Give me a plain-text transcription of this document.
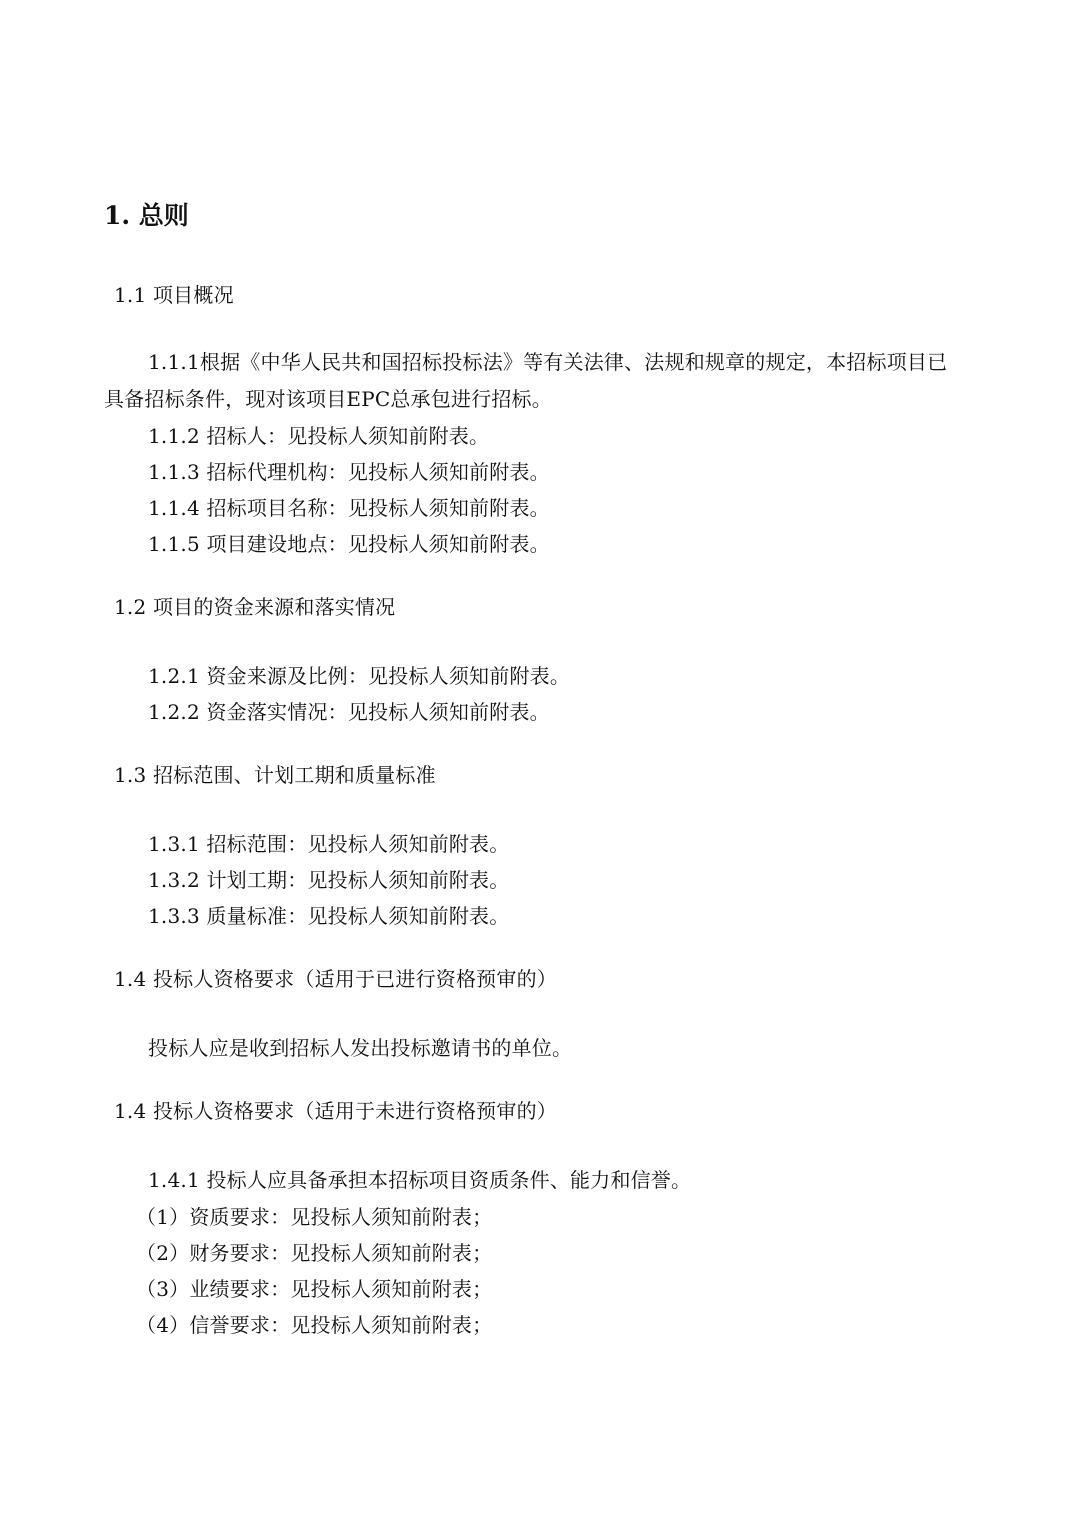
1. 总则
1.1 项目概况
1.1.1根据《中华人民共和国招标投标法》等有关法律、法规和规章的规定，本招标项目已
具备招标条件，现对该项目EPC总承包进行招标。
1.1.2 招标人：见投标人须知前附表。
1.1.3 招标代理机构：见投标人须知前附表。
1.1.4 招标项目名称：见投标人须知前附表。
1.1.5 项目建设地点：见投标人须知前附表。
1.2 项目的资金来源和落实情况
1.2.1 资金来源及比例：见投标人须知前附表。
1.2.2 资金落实情况：见投标人须知前附表。
1.3 招标范围、计划工期和质量标准
1.3.1 招标范围：见投标人须知前附表。
1.3.2 计划工期：见投标人须知前附表。
1.3.3 质量标准：见投标人须知前附表。
1.4 投标人资格要求（适用于已进行资格预审的）
投标人应是收到招标人发出投标邀请书的单位。
1.4 投标人资格要求（适用于未进行资格预审的）
1.4.1 投标人应具备承担本招标项目资质条件、能力和信誉。
（1）资质要求：见投标人须知前附表；
（2）财务要求：见投标人须知前附表；
（3）业绩要求：见投标人须知前附表；
（4）信誉要求：见投标人须知前附表；
